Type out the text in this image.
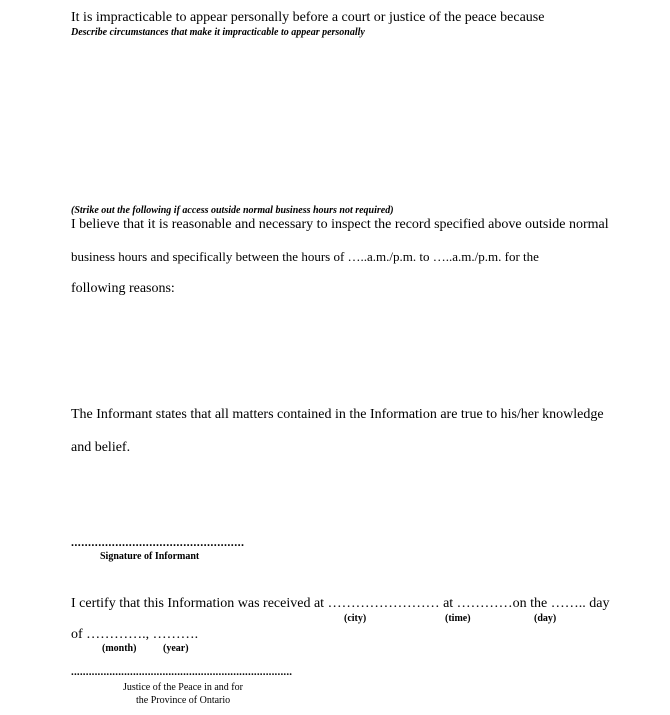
It is impracticable to appear personally before a court or justice of the peace because
Describe circumstances that make it impracticable to appear personally
(Strike out the following if access outside normal business hours not required)
I believe that it is reasonable and necessary to inspect the record specified above outside normal
business hours and specifically between the hours of …..a.m./p.m. to …..a.m./p.m. for the
following reasons:
The Informant states that all matters contained in the Information are true to his/her knowledge
and belief.
...................................................
Signature of Informant
I certify that this Information was received at …………………… at …………on the …….. day
(city)	(time)	(day)
of …………., ……….
(month)	(year)
...........................................................................
Justice of the Peace in and for
the Province of Ontario
